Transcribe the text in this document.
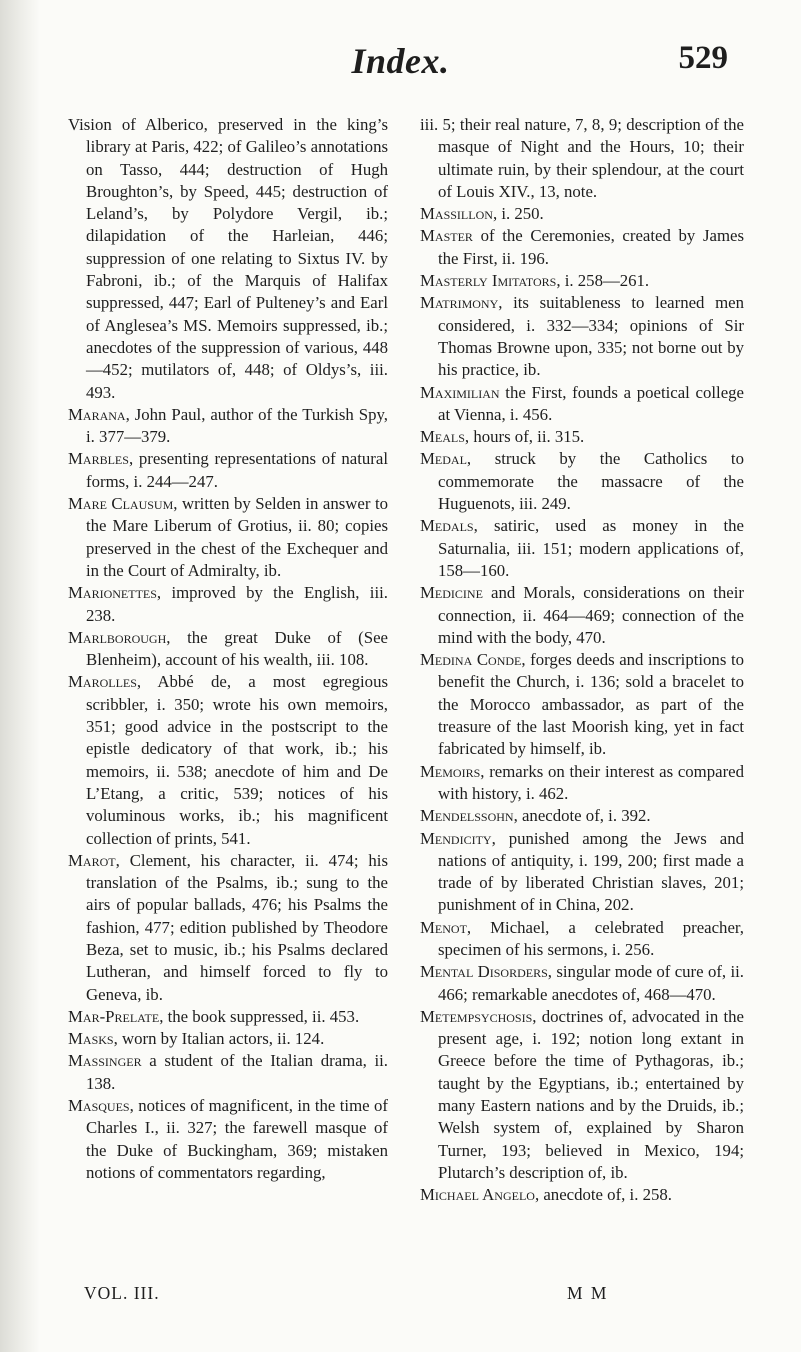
Index.	529

Vision of Alberico, preserved in the king’s library at Paris, 422; of Galileo’s annotations on Tasso, 444; destruction of Hugh Broughton’s, by Speed, 445; destruction of Leland’s, by Polydore Vergil, ib.; dilapidation of the Harleian, 446; suppression of one relating to Sixtus IV. by Fabroni, ib.; of the Marquis of Halifax suppressed, 447; Earl of Pulteney’s and Earl of Anglesea’s MS. Memoirs suppressed, ib.; anecdotes of the suppression of various, 448—452; mutilators of, 448; of Oldys’s, iii. 493.

Marana, John Paul, author of the Turkish Spy, i. 377—379.

Marbles, presenting representations of natural forms, i. 244—247.

Mare Clausum, written by Selden in answer to the Mare Liberum of Grotius, ii. 80; copies preserved in the chest of the Exchequer and in the Court of Admiralty, ib.

Marionettes, improved by the English, iii. 238.

Marlborough, the great Duke of (See Blenheim), account of his wealth, iii. 108.

Marolles, Abbé de, a most egregious scribbler, i. 350; wrote his own memoirs, 351; good advice in the postscript to the epistle dedicatory of that work, ib.; his memoirs, ii. 538; anecdote of him and De L’Etang, a critic, 539; notices of his voluminous works, ib.; his magnificent collection of prints, 541.

Marot, Clement, his character, ii. 474; his translation of the Psalms, ib.; sung to the airs of popular ballads, 476; his Psalms the fashion, 477; edition published by Theodore Beza, set to music, ib.; his Psalms declared Lutheran, and himself forced to fly to Geneva, ib.

Mar-Prelate, the book suppressed, ii. 453.

Masks, worn by Italian actors, ii. 124.

Massinger a student of the Italian drama, ii. 138.

Masques, notices of magnificent, in the time of Charles I., ii. 327; the farewell masque of the Duke of Buckingham, 369; mistaken notions of commentators regarding,

iii. 5; their real nature, 7, 8, 9; description of the masque of Night and the Hours, 10; their ultimate ruin, by their splendour, at the court of Louis XIV., 13, note.

Massillon, i. 250.

Master of the Ceremonies, created by James the First, ii. 196.

Masterly Imitators, i. 258—261.

Matrimony, its suitableness to learned men considered, i. 332—334; opinions of Sir Thomas Browne upon, 335; not borne out by his practice, ib.

Maximilian the First, founds a poetical college at Vienna, i. 456.

Meals, hours of, ii. 315.

Medal, struck by the Catholics to commemorate the massacre of the Huguenots, iii. 249.

Medals, satiric, used as money in the Saturnalia, iii. 151; modern applications of, 158—160.

Medicine and Morals, considerations on their connection, ii. 464—469; connection of the mind with the body, 470.

Medina Conde, forges deeds and inscriptions to benefit the Church, i. 136; sold a bracelet to the Morocco ambassador, as part of the treasure of the last Moorish king, yet in fact fabricated by himself, ib.

Memoirs, remarks on their interest as compared with history, i. 462.

Mendelssohn, anecdote of, i. 392.

Mendicity, punished among the Jews and nations of antiquity, i. 199, 200; first made a trade of by liberated Christian slaves, 201; punishment of in China, 202.

Menot, Michael, a celebrated preacher, specimen of his sermons, i. 256.

Mental Disorders, singular mode of cure of, ii. 466; remarkable anecdotes of, 468—470.

Metempsychosis, doctrines of, advocated in the present age, i. 192; notion long extant in Greece before the time of Pythagoras, ib.; taught by the Egyptians, ib.; entertained by many Eastern nations and by the Druids, ib.; Welsh system of, explained by Sharon Turner, 193; believed in Mexico, 194; Plutarch’s description of, ib.

Michael Angelo, anecdote of, i. 258.

VOL. III.	M M
